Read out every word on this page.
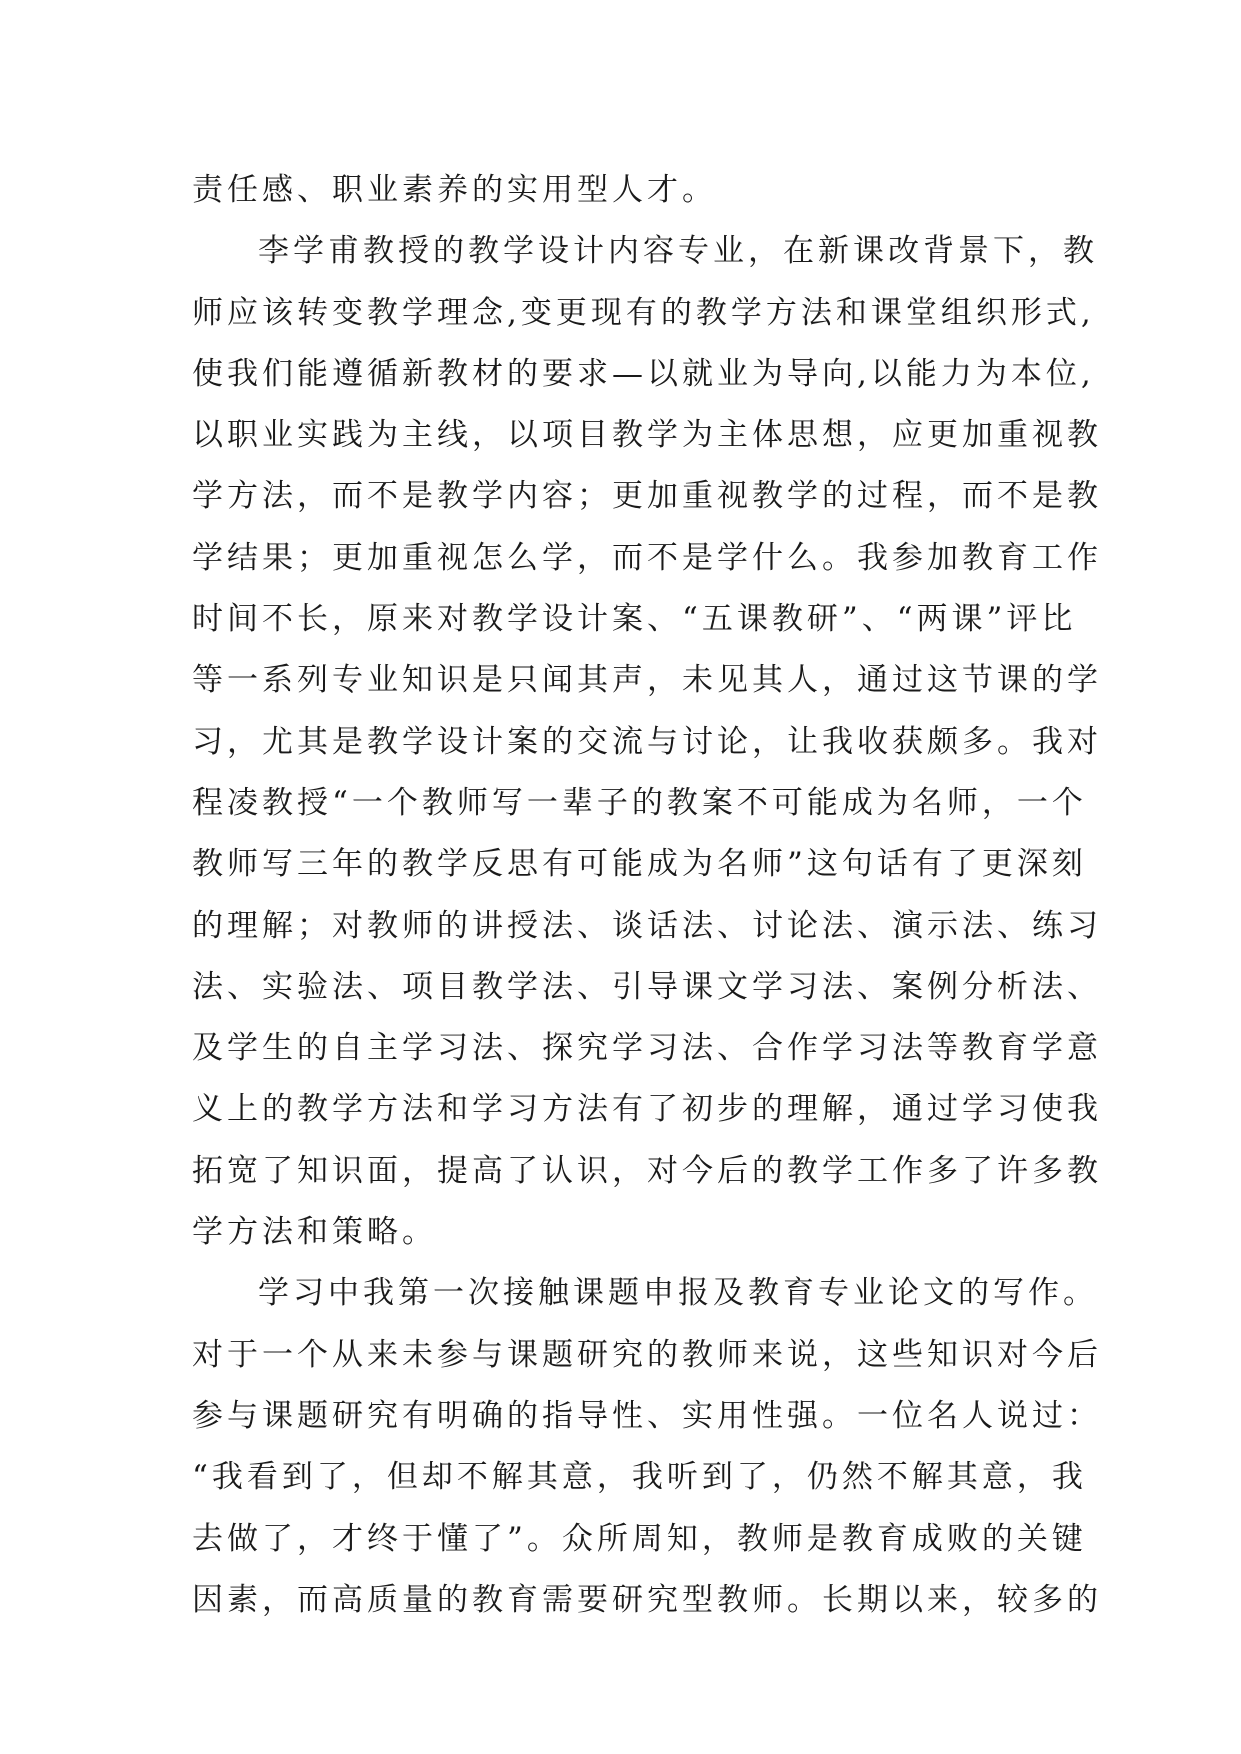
责任感、职业素养的实用型人才。
李学甫教授的教学设计内容专业，在新课改背景下，教
师应该转变教学理念,变更现有的教学方法和课堂组织形式,
使我们能遵循新教材的要求—以就业为导向,以能力为本位,
以职业实践为主线，以项目教学为主体思想，应更加重视教
学方法，而不是教学内容；更加重视教学的过程，而不是教
学结果；更加重视怎么学，而不是学什么。我参加教育工作
时间不长，原来对教学设计案、“五课教研”、“两课”评比
等一系列专业知识是只闻其声，未见其人，通过这节课的学
习，尤其是教学设计案的交流与讨论，让我收获颇多。我对
程凌教授“一个教师写一辈子的教案不可能成为名师，一个
教师写三年的教学反思有可能成为名师”这句话有了更深刻
的理解；对教师的讲授法、谈话法、讨论法、演示法、练习
法、实验法、项目教学法、引导课文学习法、案例分析法、
及学生的自主学习法、探究学习法、合作学习法等教育学意
义上的教学方法和学习方法有了初步的理解，通过学习使我
拓宽了知识面，提高了认识，对今后的教学工作多了许多教
学方法和策略。
学习中我第一次接触课题申报及教育专业论文的写作。
对于一个从来未参与课题研究的教师来说，这些知识对今后
参与课题研究有明确的指导性、实用性强。一位名人说过：
“我看到了，但却不解其意，我听到了，仍然不解其意，我
去做了，才终于懂了”。众所周知，教师是教育成败的关键
因素，而高质量的教育需要研究型教师。长期以来，较多的
